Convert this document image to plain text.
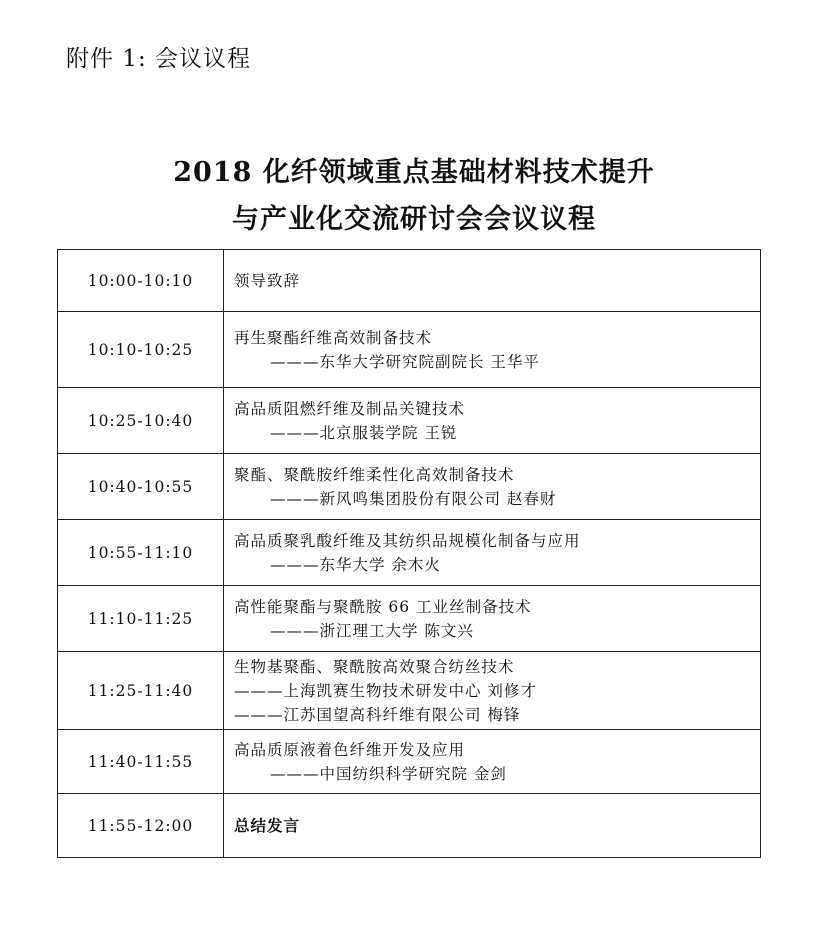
附件 1: 会议议程
2018 化纤领域重点基础材料技术提升
与产业化交流研讨会会议议程
10:00-10:10	领导致辞

10:10-10:25	再生聚酯纤维高效制备技术
———东华大学研究院副院长 王华平

10:25-10:40	高品质阻燃纤维及制品关键技术
———北京服装学院 王锐

10:40-10:55	聚酯、聚酰胺纤维柔性化高效制备技术
———新风鸣集团股份有限公司 赵春财

10:55-11:10	高品质聚乳酸纤维及其纺织品规模化制备与应用
———东华大学 余木火

11:10-11:25	高性能聚酯与聚酰胺 66 工业丝制备技术
———浙江理工大学 陈文兴

11:25-11:40	生物基聚酯、聚酰胺高效聚合纺丝技术
———上海凯赛生物技术研发中心 刘修才
———江苏国望高科纤维有限公司 梅锋

11:40-11:55	高品质原液着色纤维开发及应用
———中国纺织科学研究院 金剑

11:55-12:00	总结发言
